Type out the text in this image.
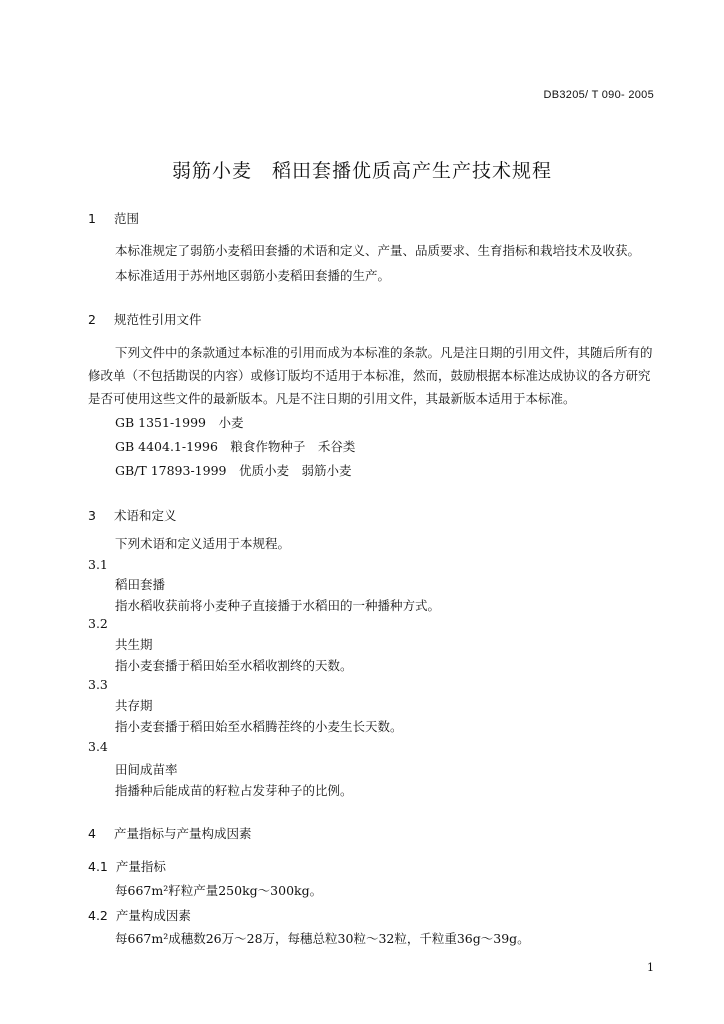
DB3205/ T 090- 2005
弱筋小麦　稻田套播优质高产生产技术规程
1 范围
本标准规定了弱筋小麦稻田套播的术语和定义、产量、品质要求、生育指标和栽培技术及收获。
本标准适用于苏州地区弱筋小麦稻田套播的生产。
2 规范性引用文件
下列文件中的条款通过本标准的引用而成为本标准的条款。凡是注日期的引用文件，其随后所有的
修改单（不包括勘误的内容）或修订版均不适用于本标准，然而，鼓励根据本标准达成协议的各方研究
是否可使用这些文件的最新版本。凡是不注日期的引用文件，其最新版本适用于本标准。
GB 1351-1999　小麦
GB 4404.1-1996　粮食作物种子　禾谷类
GB/T 17893-1999　优质小麦　弱筋小麦
3 术语和定义
下列术语和定义适用于本规程。
3.1
稻田套播
指水稻收获前将小麦种子直接播于水稻田的一种播种方式。
3.2
共生期
指小麦套播于稻田始至水稻收割终的天数。
3.3
共存期
指小麦套播于稻田始至水稻腾茬终的小麦生长天数。
3.4
田间成苗率
指播种后能成苗的籽粒占发芽种子的比例。
4 产量指标与产量构成因素
4.1 产量指标
每667m²籽粒产量250kg～300kg。
4.2 产量构成因素
每667m²成穗数26万～28万，每穗总粒30粒～32粒，千粒重36g～39g。
1
